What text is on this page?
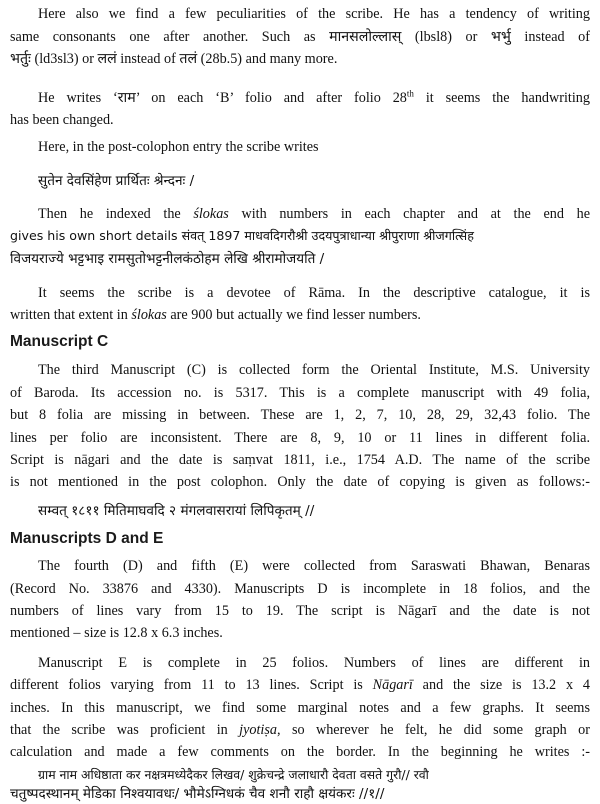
Here also we find a few peculiarities of the scribe. He has a tendency of writing
same consonants one after another. Such as मानसलोल्लास् (lbsl8) or भर्भु instead of
भर्तुः (ld3sl3) or ललं instead of तलं (28b.5) and many more.
He writes ‘राम’ on each ‘B’ folio and after folio 28th it seems the handwriting
has been changed.
Here, in the post-colophon entry the scribe writes
सुतेन देवसिंहेण प्रार्थितः श्रेन्दनः /
Then he indexed the ślokas with numbers in each chapter and at the end he
gives his own short details संवत् 1897 माधवदिगरौश्री उदयपुत्राधान्या श्रीपुराणा श्रीजगत्सिंह
विजयराज्ये भट्टभाइ रामसुतोभट्टनीलकंठोहम लेखि श्रीरामोजयति /
It seems the scribe is a devotee of Rāma. In the descriptive catalogue, it is
written that extent in ślokas are 900 but actually we find lesser numbers.
Manuscript C
The third Manuscript (C) is collected form the Oriental Institute, M.S. University
of Baroda. Its accession no. is 5317. This is a complete manuscript with 49 folia,
but 8 folia are missing in between. These are 1, 2, 7, 10, 28, 29, 32,43 folio. The
lines per folio are inconsistent. There are 8, 9, 10 or 11 lines in different folia.
Script is nāgari and the date is saṃvat 1811, i.e., 1754 A.D. The name of the scribe
is not mentioned in the post colophon. Only the date of copying is given as follows:-
सम्वत् १८११ मितिमाघवदि २ मंगलवासरायां लिपिकृतम् //
Manuscripts D and E
The fourth (D) and fifth (E) were collected from Saraswati Bhawan, Benaras
(Record No. 33876 and 4330). Manuscripts D is incomplete in 18 folios, and the
numbers of lines vary from 15 to 19. The script is Nāgarī and the date is not
mentioned – size is 12.8 x 6.3 inches.
Manuscript E is complete in 25 folios. Numbers of lines are different in
different folios varying from 11 to 13 lines. Script is Nāgarī and the size is 13.2 x 4
inches. In this manuscript, we find some marginal notes and a few graphs. It seems
that the scribe was proficient in jyotiṣa, so wherever he felt, he did some graph or
calculation and made a few comments on the border. In the beginning he writes :-
ग्राम नाम अधिष्ठाता कर नक्षत्रमध्येदैकर लिखव/ शुक्रेचन्द्रे जलाधारौ देवता वसते गुरौ// रवौ
चतुष्पदस्थानम् मेडिका निश्वयावधः/ भौमेऽग्निधकं चैव शनौ राहौ क्षयंकरः //१//
